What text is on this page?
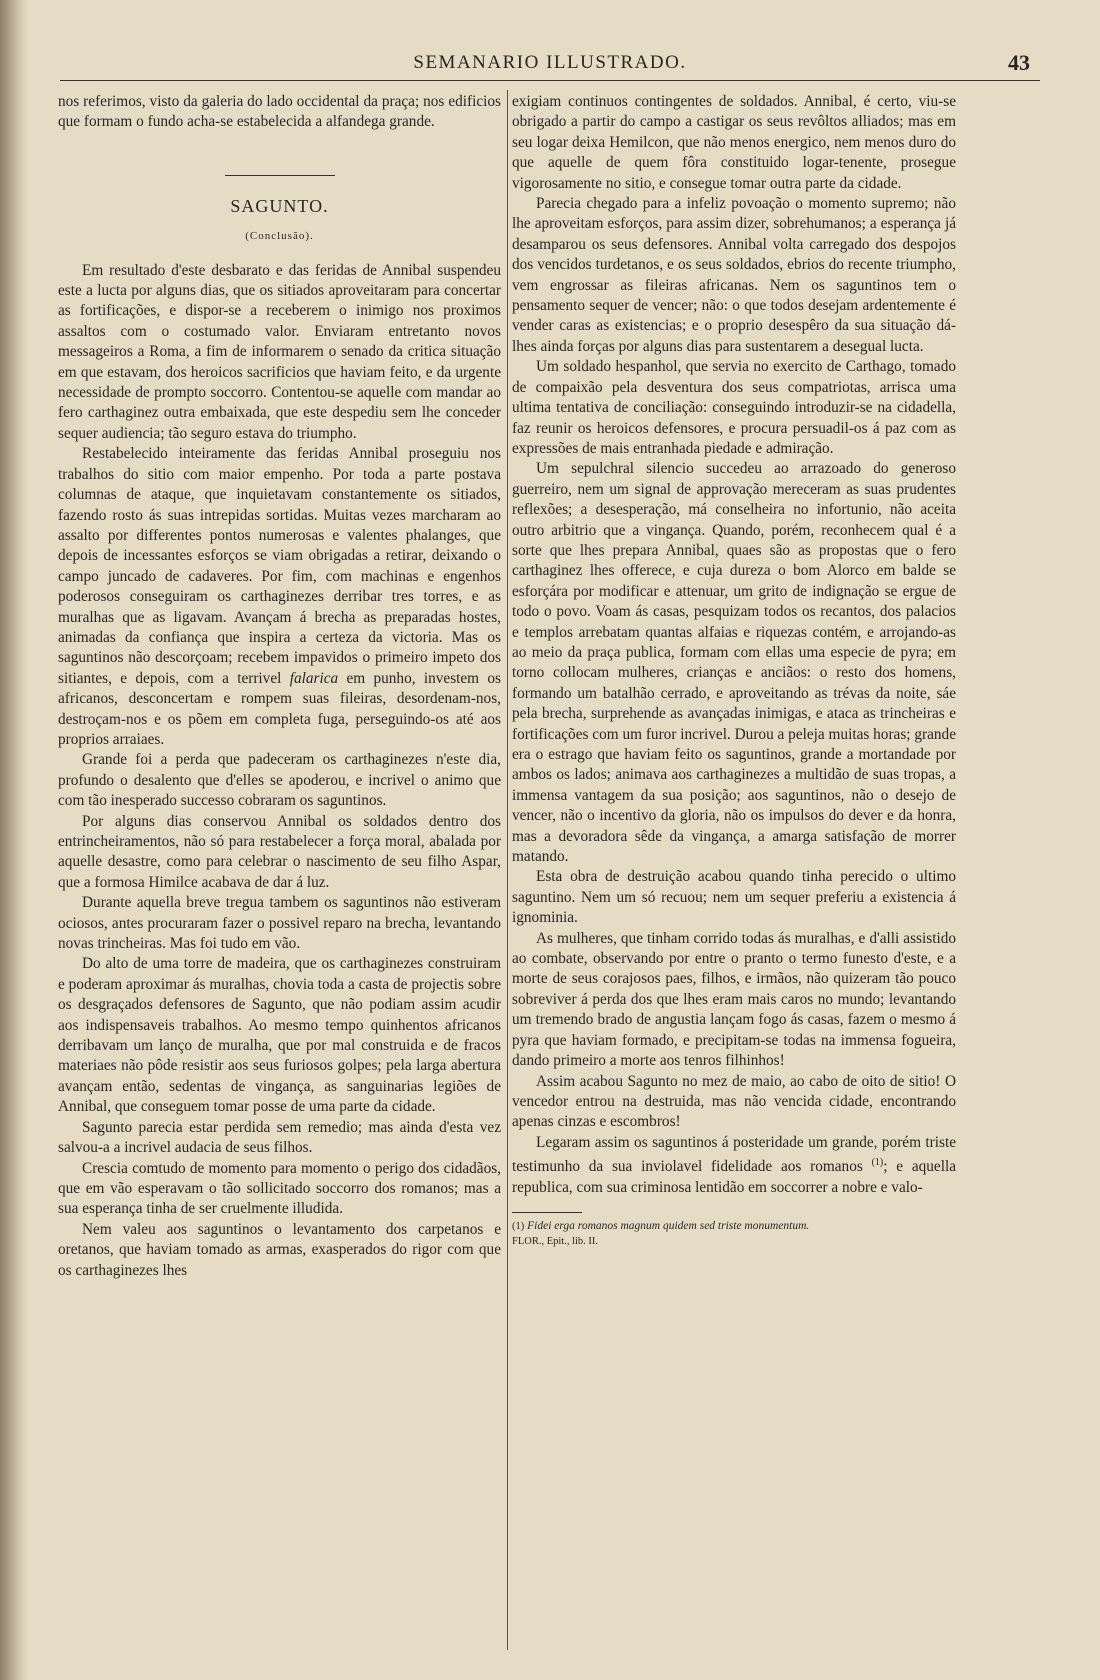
SEMANARIO ILLUSTRADO.	43

nos referimos, visto da galeria do lado occidental da praça; nos edificios que formam o fundo acha-se estabelecida a alfandega grande.

SAGUNTO.
(Conclusão).

Em resultado d'este desbarato e das feridas de Annibal suspendeu este a lucta por alguns dias, que os sitiados aproveitaram para concertar as fortificações, e dispor-se a receberem o inimigo nos proximos assaltos com o costumado valor. Enviaram entretanto novos messageiros a Roma, a fim de informarem o senado da critica situação em que estavam, dos heroicos sacrificios que haviam feito, e da urgente necessidade de prompto soccorro. Contentou-se aquelle com mandar ao fero carthaginez outra embaixada, que este despediu sem lhe conceder sequer audiencia; tão seguro estava do triumpho.

Restabelecido inteiramente das feridas Annibal proseguiu nos trabalhos do sitio com maior empenho. Por toda a parte postava columnas de ataque, que inquietavam constantemente os sitiados, fazendo rosto ás suas intrepidas sortidas. Muitas vezes marcharam ao assalto por differentes pontos numerosas e valentes phalanges, que depois de incessantes esforços se viam obrigadas a retirar, deixando o campo juncado de cadaveres. Por fim, com machinas e engenhos poderosos conseguiram os carthaginezes derribar tres torres, e as muralhas que as ligavam. Avançam á brecha as preparadas hostes, animadas da confiança que inspira a certeza da victoria. Mas os saguntinos não descorçoam; recebem impavidos o primeiro impeto dos sitiantes, e depois, com a terrivel falarica em punho, investem os africanos, desconcertam e rompem suas fileiras, desordenam-nos, destroçam-nos e os põem em completa fuga, perseguindo-os até aos proprios arraiaes.

Grande foi a perda que padeceram os carthaginezes n'este dia, profundo o desalento que d'elles se apoderou, e incrivel o animo que com tão inesperado successo cobraram os saguntinos.

Por alguns dias conservou Annibal os soldados dentro dos entrincheiramentos, não só para restabelecer a força moral, abalada por aquelle desastre, como para celebrar o nascimento de seu filho Aspar, que a formosa Himilce acabava de dar á luz.

Durante aquella breve tregua tambem os saguntinos não estiveram ociosos, antes procuraram fazer o possivel reparo na brecha, levantando novas trincheiras. Mas foi tudo em vão.

Do alto de uma torre de madeira, que os carthaginezes construiram e poderam aproximar ás muralhas, chovia toda a casta de projectis sobre os desgraçados defensores de Sagunto, que não podiam assim acudir aos indispensaveis trabalhos. Ao mesmo tempo quinhentos africanos derribavam um lanço de muralha, que por mal construida e de fracos materiaes não pôde resistir aos seus furiosos golpes; pela larga abertura avançam então, sedentas de vingança, as sanguinarias legiões de Annibal, que conseguem tomar posse de uma parte da cidade.

Sagunto parecia estar perdida sem remedio; mas ainda d'esta vez salvou-a a incrivel audacia de seus filhos.

Crescia comtudo de momento para momento o perigo dos cidadãos, que em vão esperavam o tão sollicitado soccorro dos romanos; mas a sua esperança tinha de ser cruelmente illudida.

Nem valeu aos saguntinos o levantamento dos carpetanos e oretanos, que haviam tomado as armas, exasperados do rigor com que os carthaginezes lhes

exigiam continuos contingentes de soldados. Annibal, é certo, viu-se obrigado a partir do campo a castigar os seus revôltos alliados; mas em seu logar deixa Hemilcon, que não menos energico, nem menos duro do que aquelle de quem fôra constituido logar-tenente, prosegue vigorosamente no sitio, e consegue tomar outra parte da cidade.

Parecia chegado para a infeliz povoação o momento supremo; não lhe aproveitam esforços, para assim dizer, sobrehumanos; a esperança já desamparou os seus defensores. Annibal volta carregado dos despojos dos vencidos turdetanos, e os seus soldados, ebrios do recente triumpho, vem engrossar as fileiras africanas. Nem os saguntinos tem o pensamento sequer de vencer; não: o que todos desejam ardentemente é vender caras as existencias; e o proprio desespêro da sua situação dá-lhes ainda forças por alguns dias para sustentarem a desegual lucta.

Um soldado hespanhol, que servia no exercito de Carthago, tomado de compaixão pela desventura dos seus compatriotas, arrisca uma ultima tentativa de conciliação: conseguindo introduzir-se na cidadella, faz reunir os heroicos defensores, e procura persuadil-os á paz com as expressões de mais entranhada piedade e admiração.

Um sepulchral silencio succedeu ao arrazoado do generoso guerreiro, nem um signal de approvação mereceram as suas prudentes reflexões; a desesperação, má conselheira no infortunio, não aceita outro arbitrio que a vingança. Quando, porém, reconhecem qual é a sorte que lhes prepara Annibal, quaes são as propostas que o fero carthaginez lhes offerece, e cuja dureza o bom Alorco em balde se esforçára por modificar e attenuar, um grito de indignação se ergue de todo o povo. Voam ás casas, pesquizam todos os recantos, dos palacios e templos arrebatam quantas alfaias e riquezas contém, e arrojando-as ao meio da praça publica, formam com ellas uma especie de pyra; em torno collocam mulheres, crianças e anciãos: o resto dos homens, formando um batalhão cerrado, e aproveitando as trévas da noite, sáe pela brecha, surprehende as avançadas inimigas, e ataca as trincheiras e fortificações com um furor incrivel. Durou a peleja muitas horas; grande era o estrago que haviam feito os saguntinos, grande a mortandade por ambos os lados; animava aos carthaginezes a multidão de suas tropas, a immensa vantagem da sua posição; aos saguntinos, não o desejo de vencer, não o incentivo da gloria, não os impulsos do dever e da honra, mas a devoradora sêde da vingança, a amarga satisfação de morrer matando.

Esta obra de destruição acabou quando tinha perecido o ultimo saguntino. Nem um só recuou; nem um sequer preferiu a existencia á ignominia.

As mulheres, que tinham corrido todas ás muralhas, e d'alli assistido ao combate, observando por entre o pranto o termo funesto d'este, e a morte de seus corajosos paes, filhos, e irmãos, não quizeram tão pouco sobreviver á perda dos que lhes eram mais caros no mundo; levantando um tremendo brado de angustia lançam fogo ás casas, fazem o mesmo á pyra que haviam formado, e precipitam-se todas na immensa fogueira, dando primeiro a morte aos tenros filhinhos!

Assim acabou Sagunto no mez de maio, ao cabo de oito de sitio! O vencedor entrou na destruida, mas não vencida cidade, encontrando apenas cinzas e escombros!

Legaram assim os saguntinos á posteridade um grande, porém triste testimunho da sua inviolavel fidelidade aos romanos $^{(1)}$; e aquella republica, com sua criminosa lentidão em soccorrer a nobre e valo-

(1) Fidei erga romanos magnum quidem sed triste monumentum.
FLOR., Epit., lib. II.
